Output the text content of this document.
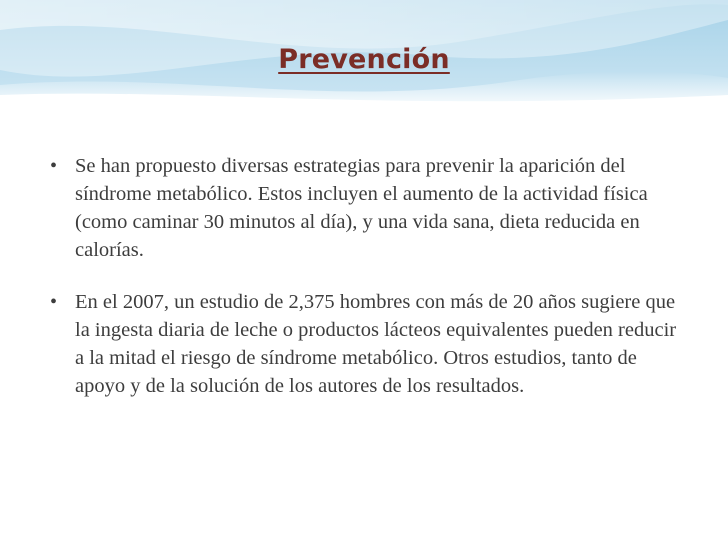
Prevención
• Se han propuesto diversas estrategias para prevenir la aparición del síndrome metabólico. Estos incluyen el aumento de la actividad física (como caminar 30 minutos al día), y una vida sana, dieta reducida en calorías.
• En el 2007, un estudio de 2,375 hombres con más de 20 años sugiere que la ingesta diaria de leche o productos lácteos equivalentes pueden reducir a la mitad el riesgo de síndrome metabólico. Otros estudios, tanto de apoyo y de la solución de los autores de los resultados.
